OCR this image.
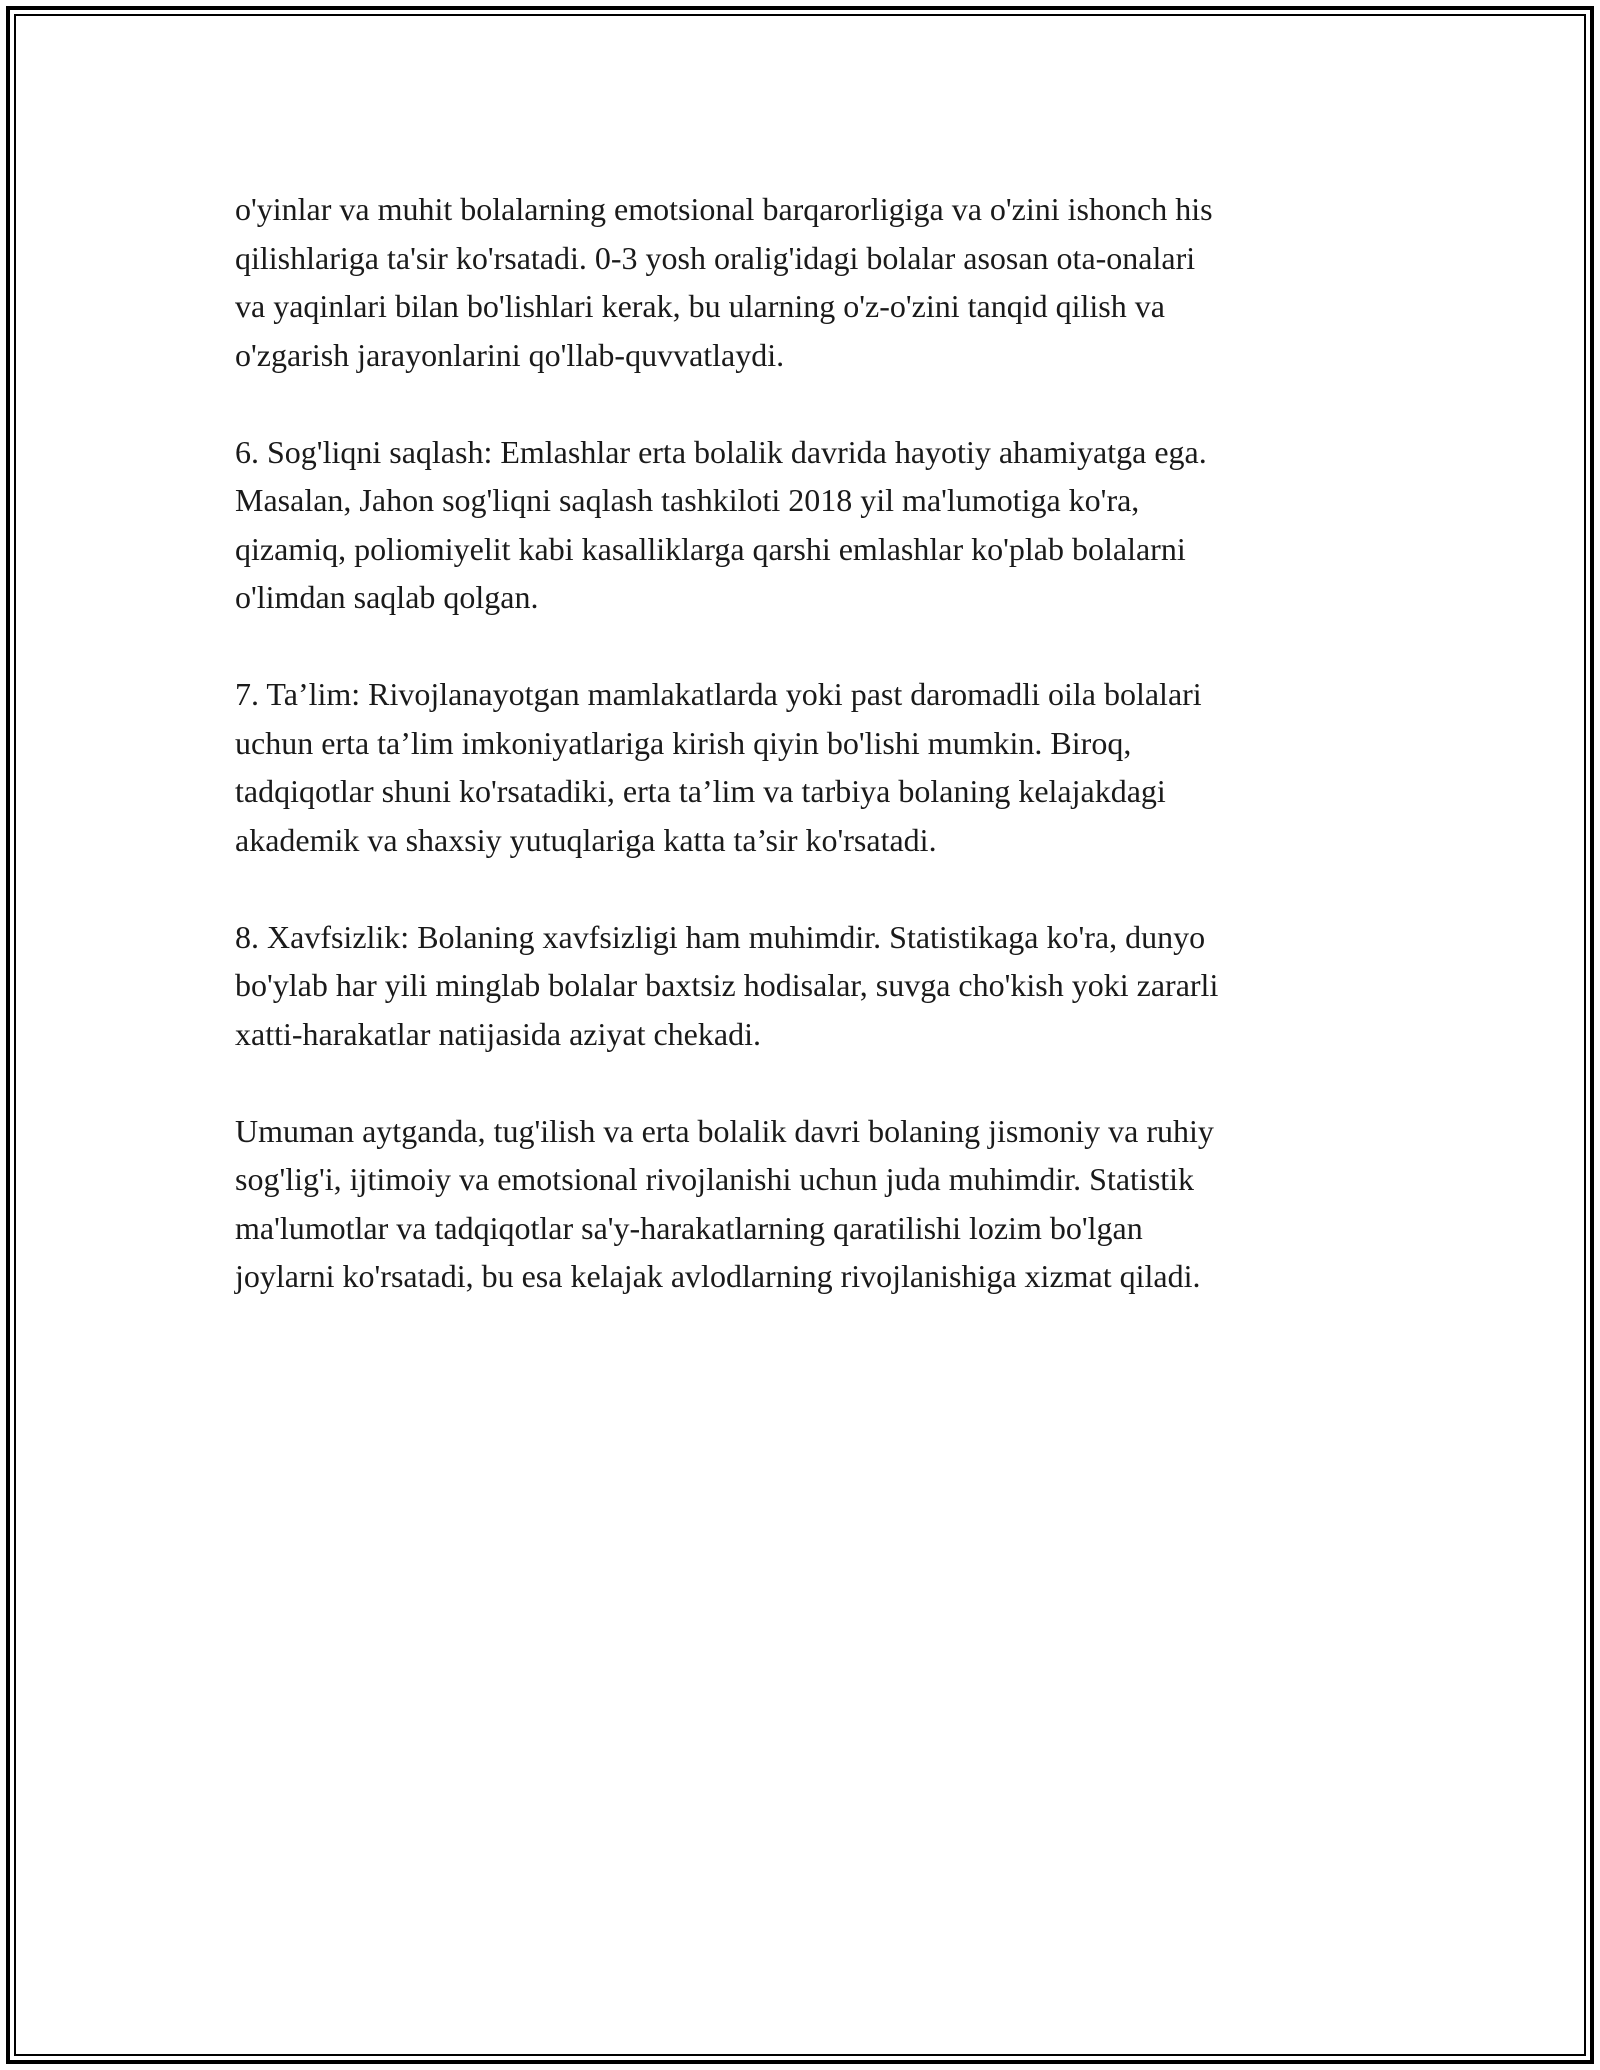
o'yinlar va muhit bolalarning emotsional barqarorligiga va o'zini ishonch his
qilishlariga ta'sir ko'rsatadi. 0-3 yosh oralig'idagi bolalar asosan ota-onalari
va yaqinlari bilan bo'lishlari kerak, bu ularning o'z-o'zini tanqid qilish va
o'zgarish jarayonlarini qo'llab-quvvatlaydi.

6. Sog'liqni saqlash: Emlashlar erta bolalik davrida hayotiy ahamiyatga ega.
Masalan, Jahon sog'liqni saqlash tashkiloti 2018 yil ma'lumotiga ko'ra,
qizamiq, poliomiyelit kabi kasalliklarga qarshi emlashlar ko'plab bolalarni
o'limdan saqlab qolgan.

7. Ta’lim: Rivojlanayotgan mamlakatlarda yoki past daromadli oila bolalari
uchun erta ta’lim imkoniyatlariga kirish qiyin bo'lishi mumkin. Biroq,
tadqiqotlar shuni ko'rsatadiki, erta ta’lim va tarbiya bolaning kelajakdagi
akademik va shaxsiy yutuqlariga katta ta’sir ko'rsatadi.

8. Xavfsizlik: Bolaning xavfsizligi ham muhimdir. Statistikaga ko'ra, dunyo
bo'ylab har yili minglab bolalar baxtsiz hodisalar, suvga cho'kish yoki zararli
xatti-harakatlar natijasida aziyat chekadi.

Umuman aytganda, tug'ilish va erta bolalik davri bolaning jismoniy va ruhiy
sog'lig'i, ijtimoiy va emotsional rivojlanishi uchun juda muhimdir. Statistik
ma'lumotlar va tadqiqotlar sa'y-harakatlarning qaratilishi lozim bo'lgan
joylarni ko'rsatadi, bu esa kelajak avlodlarning rivojlanishiga xizmat qiladi.
